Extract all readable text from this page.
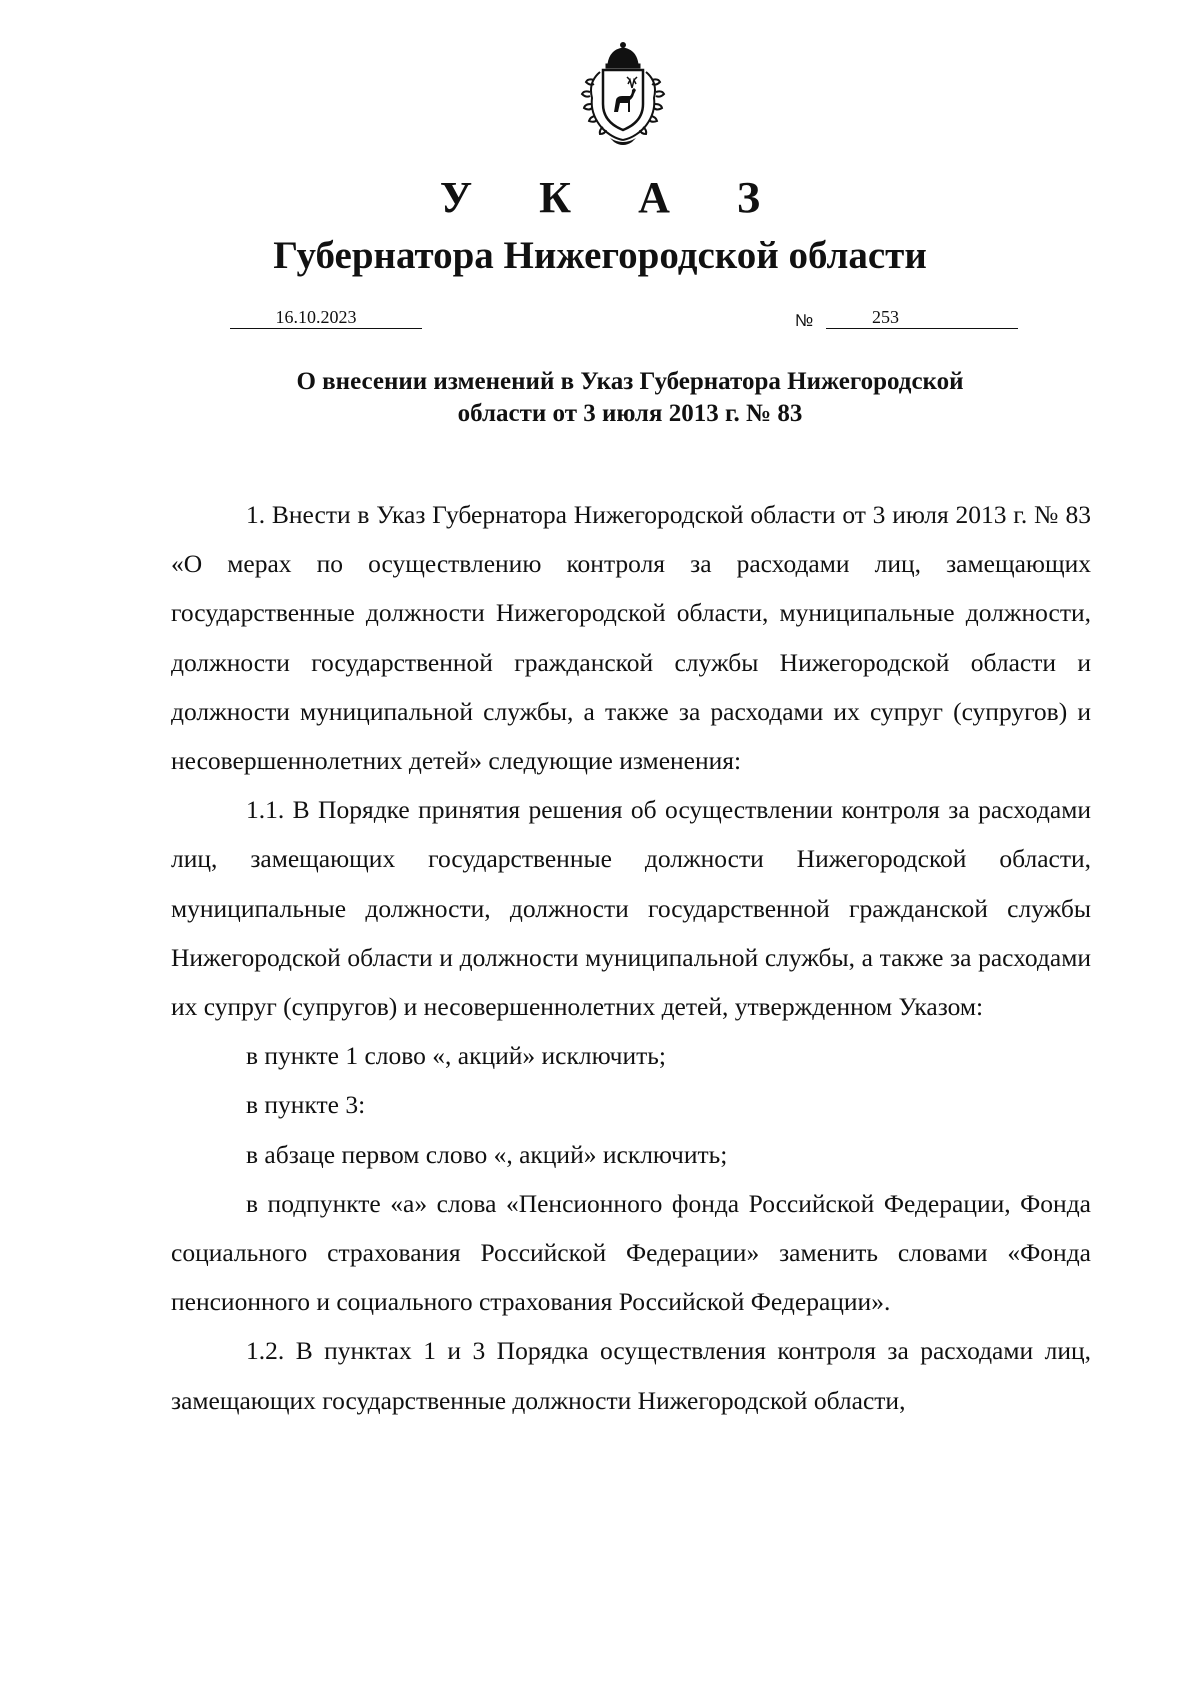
У К А З
Губернатора Нижегородской области
16.10.2023	№	253
О внесении изменений в Указ Губернатора Нижегородской
области от 3 июля 2013 г. № 83

1. Внести в Указ Губернатора Нижегородской области от 3 июля 2013 г. № 83 «О мерах по осуществлению контроля за расходами лиц, замещающих государственные должности Нижегородской области, муниципальные должности, должности государственной гражданской службы Нижегородской области и должности муниципальной службы, а также за расходами их супруг (супругов) и несовершеннолетних детей» следующие изменения:

1.1. В Порядке принятия решения об осуществлении контроля за расходами лиц, замещающих государственные должности Нижегородской области, муниципальные должности, должности государственной гражданской службы Нижегородской области и должности муниципальной службы, а также за расходами их супруг (супругов) и несовершеннолетних детей, утвержденном Указом:

в пункте 1 слово «, акций» исключить;

в пункте 3:

в абзаце первом слово «, акций» исключить;

в подпункте «а» слова «Пенсионного фонда Российской Федерации, Фонда социального страхования Российской Федерации» заменить словами «Фонда пенсионного и социального страхования Российской Федерации».

1.2. В пунктах 1 и 3 Порядка осуществления контроля за расходами лиц, замещающих государственные должности Нижегородской области,
